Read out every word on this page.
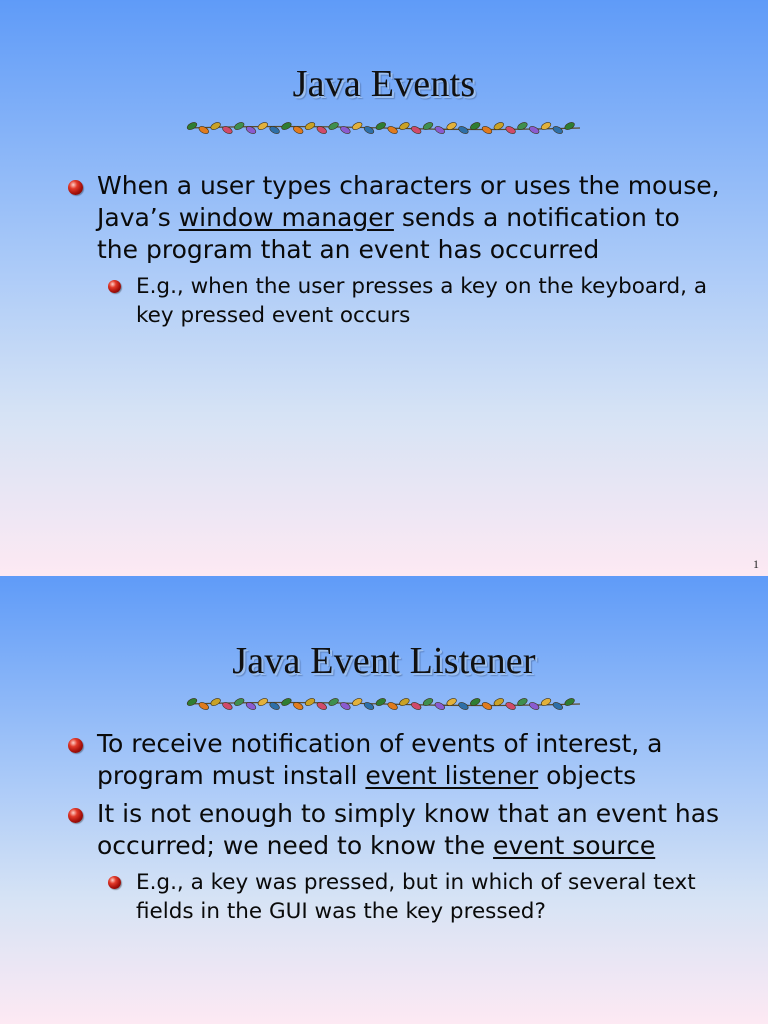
Java Events
When a user types characters or uses the mouse, Java’s window manager sends a notification to the program that an event has occurred
E.g., when the user presses a key on the keyboard, a key pressed event occurs
1
Java Event Listener
To receive notification of events of interest, a program must install event listener objects
It is not enough to simply know that an event has occurred; we need to know the event source
E.g., a key was pressed, but in which of several text fields in the GUI was the key pressed?
